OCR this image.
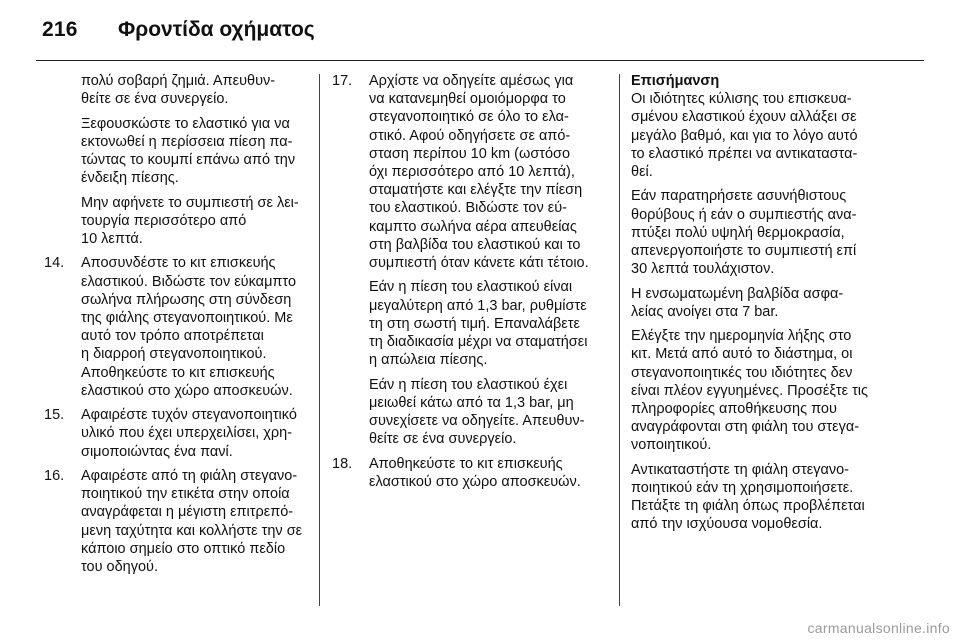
216 Φροντίδα οχήματος

πολύ σοβαρή ζημιά. Απευθυν-
θείτε σε ένα συνεργείο.

Ξεφουσκώστε το ελαστικό για να
εκτονωθεί η περίσσεια πίεση πα-
τώντας το κουμπί επάνω από την
ένδειξη πίεσης.

Μην αφήνετε το συμπιεστή σε λει-
τουργία περισσότερο από
10 λεπτά.

14. Αποσυνδέστε το κιτ επισκευής
ελαστικού. Βιδώστε τον εύκαμπτο
σωλήνα πλήρωσης στη σύνδεση
της φιάλης στεγανοποιητικού. Με
αυτό τον τρόπο αποτρέπεται
η διαρροή στεγανοποιητικού.
Αποθηκεύστε το κιτ επισκευής
ελαστικού στο χώρο αποσκευών.
15. Αφαιρέστε τυχόν στεγανοποιητικό
υλικό που έχει υπερχειλίσει, χρη-
σιμοποιώντας ένα πανί.
16. Αφαιρέστε από τη φιάλη στεγανο-
ποιητικού την ετικέτα στην οποία
αναγράφεται η μέγιστη επιτρεπό-
μενη ταχύτητα και κολλήστε την σε
κάποιο σημείο στο οπτικό πεδίο
του οδηγού.
17. Αρχίστε να οδηγείτε αμέσως για
να κατανεμηθεί ομοιόμορφα το
στεγανοποιητικό σε όλο το ελα-
στικό. Αφού οδηγήσετε σε από-
σταση περίπου 10 km (ωστόσο
όχι περισσότερο από 10 λεπτά),
σταματήστε και ελέγξτε την πίεση
του ελαστικού. Βιδώστε τον εύ-
καμπτο σωλήνα αέρα απευθείας
στη βαλβίδα του ελαστικού και το
συμπιεστή όταν κάνετε κάτι τέτοιο.

Εάν η πίεση του ελαστικού είναι
μεγαλύτερη από 1,3 bar, ρυθμίστε
τη στη σωστή τιμή. Επαναλάβετε
τη διαδικασία μέχρι να σταματήσει
η απώλεια πίεσης.

Εάν η πίεση του ελαστικού έχει
μειωθεί κάτω από τα 1,3 bar, μη
συνεχίσετε να οδηγείτε. Απευθυν-
θείτε σε ένα συνεργείο.

18. Αποθηκεύστε το κιτ επισκευής
ελαστικού στο χώρο αποσκευών.

Επισήμανση

Οι ιδιότητες κύλισης του επισκευα-
σμένου ελαστικού έχουν αλλάξει σε
μεγάλο βαθμό, και για το λόγο αυτό
το ελαστικό πρέπει να αντικαταστα-
θεί.

Εάν παρατηρήσετε ασυνήθιστους
θορύβους ή εάν ο συμπιεστής ανα-
πτύξει πολύ υψηλή θερμοκρασία,
απενεργοποιήστε το συμπιεστή επί
30 λεπτά τουλάχιστον.

Η ενσωματωμένη βαλβίδα ασφα-
λείας ανοίγει στα 7 bar.

Ελέγξτε την ημερομηνία λήξης στο
κιτ. Μετά από αυτό το διάστημα, οι
στεγανοποιητικές του ιδιότητες δεν
είναι πλέον εγγυημένες. Προσέξτε τις
πληροφορίες αποθήκευσης που
αναγράφονται στη φιάλη του στεγα-
νοποιητικού.

Αντικαταστήστε τη φιάλη στεγανο-
ποιητικού εάν τη χρησιμοποιήσετε.
Πετάξτε τη φιάλη όπως προβλέπεται
από την ισχύουσα νομοθεσία.

carmanualsonline.info
